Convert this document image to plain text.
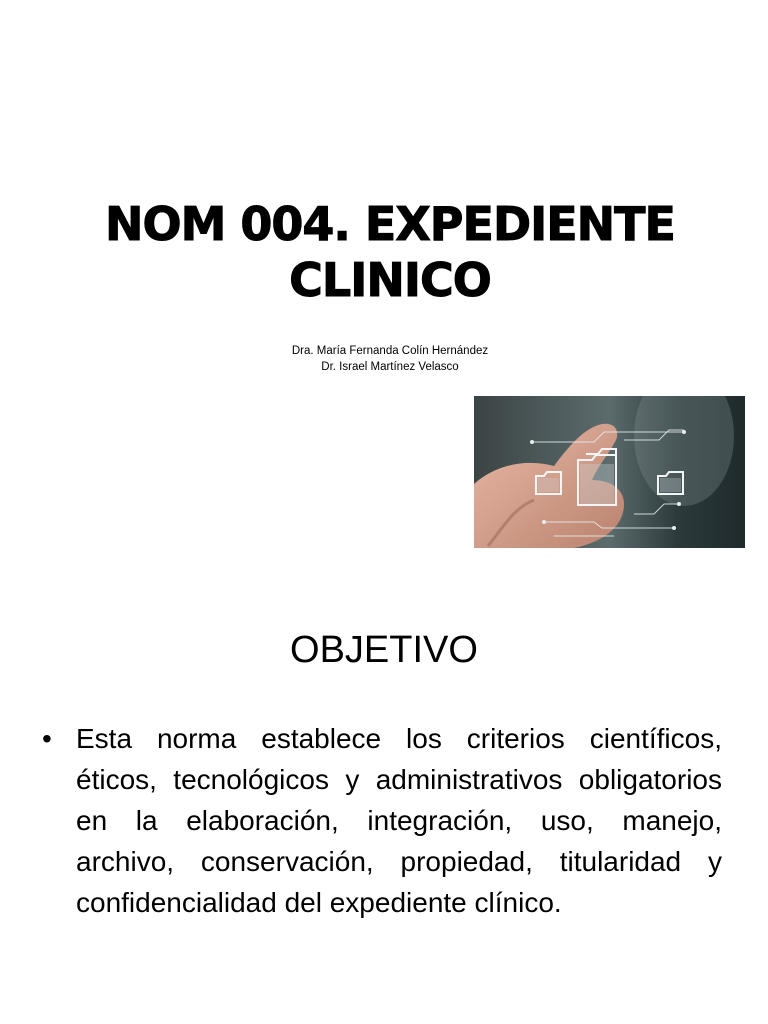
NOM 004. EXPEDIENTE
CLINICO
Dra. María Fernanda Colín Hernández
Dr. Israel Martínez Velasco
OBJETIVO
• Esta norma establece los criterios científicos, éticos, tecnológicos y administrativos obligatorios en la elaboración, integración, uso, manejo, archivo, conservación, propiedad, titularidad y confidencialidad del expediente clínico.
